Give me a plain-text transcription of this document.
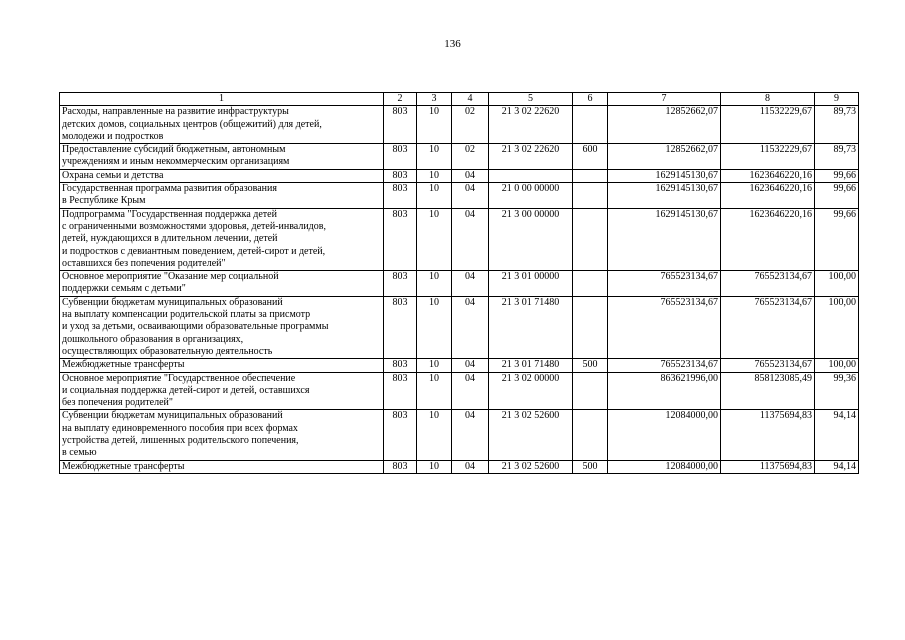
136
1	2	3	4	5	6	7	8	9
Расходы, направленные на развитие инфраструктуры
детских домов, социальных центров (общежитий) для детей,
молодежи и подростков	803	10	02	21 3 02 22620		12852662,07	11532229,67	89,73
Предоставление субсидий бюджетным, автономным
учреждениям и иным некоммерческим организациям	803	10	02	21 3 02 22620	600	12852662,07	11532229,67	89,73
Охрана семьи и детства	803	10	04			1629145130,67	1623646220,16	99,66
Государственная программа развития образования
в Республике Крым	803	10	04	21 0 00 00000		1629145130,67	1623646220,16	99,66
Подпрограмма "Государственная поддержка детей
с ограниченными возможностями здоровья, детей-инвалидов,
детей, нуждающихся в длительном лечении, детей
и подростков с девиантным поведением, детей-сирот и детей,
оставшихся без попечения родителей"	803	10	04	21 3 00 00000		1629145130,67	1623646220,16	99,66
Основное мероприятие "Оказание мер социальной
поддержки семьям с детьми"	803	10	04	21 3 01 00000		765523134,67	765523134,67	100,00
Субвенции бюджетам муниципальных образований
на выплату компенсации родительской платы за присмотр
и уход за детьми, осваивающими образовательные программы
дошкольного образования в организациях,
осуществляющих образовательную деятельность	803	10	04	21 3 01 71480		765523134,67	765523134,67	100,00
Межбюджетные трансферты	803	10	04	21 3 01 71480	500	765523134,67	765523134,67	100,00
Основное мероприятие "Государственное обеспечение
и социальная поддержка детей-сирот и детей, оставшихся
без попечения родителей"	803	10	04	21 3 02 00000		863621996,00	858123085,49	99,36
Субвенции бюджетам муниципальных образований
на выплату единовременного пособия при всех формах
устройства детей, лишенных родительского попечения,
в семью	803	10	04	21 3 02 52600		12084000,00	11375694,83	94,14
Межбюджетные трансферты	803	10	04	21 3 02 52600	500	12084000,00	11375694,83	94,14
